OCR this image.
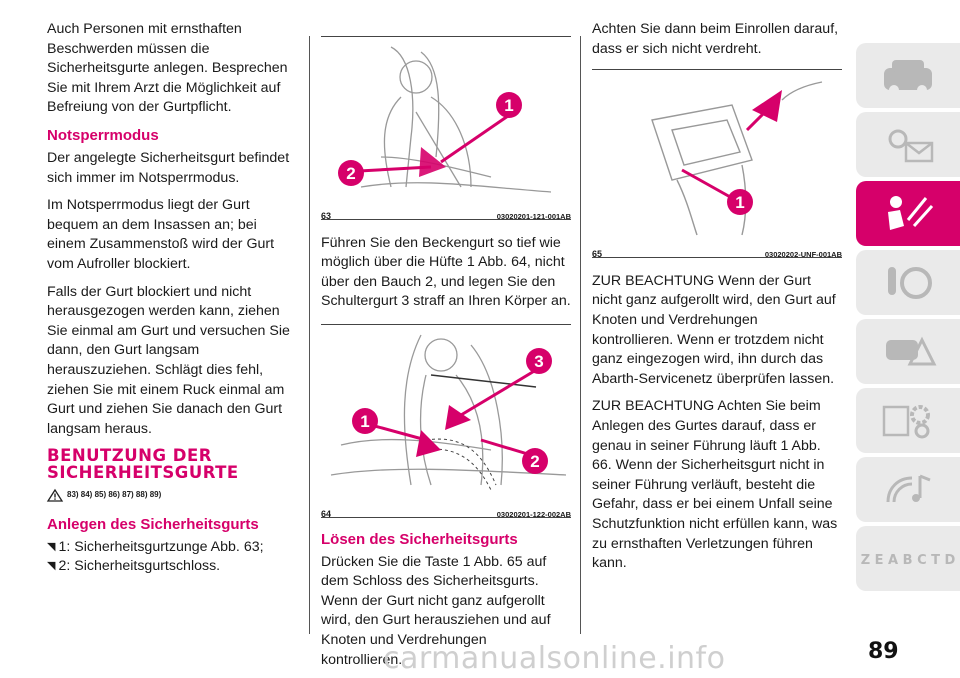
Auch Personen mit ernsthaften Beschwerden müssen die Sicherheitsgurte anlegen. Besprechen Sie mit Ihrem Arzt die Möglichkeit auf Befreiung von der Gurtpflicht.

Notsperrmodus

Der angelegte Sicherheitsgurt befindet sich immer im Notsperrmodus.

Im Notsperrmodus liegt der Gurt bequem an dem Insassen an; bei einem Zusammenstoß wird der Gurt vom Aufroller blockiert.

Falls der Gurt blockiert und nicht herausgezogen werden kann, ziehen Sie einmal am Gurt und versuchen Sie dann, den Gurt langsam herauszuziehen. Schlägt dies fehl, ziehen Sie mit einem Ruck einmal am Gurt und ziehen Sie danach den Gurt langsam heraus.

BENUTZUNG DER SICHERHEITSGURTE
83) 84) 85) 86) 87) 88) 89)
Anlegen des Sicherheitsgurts
◥ 1: Sicherheitsgurtzunge Abb. 63;
◥ 2: Sicherheitsgurtschloss.
1
2
63	03020201-121-001AB

Führen Sie den Beckengurt so tief wie möglich über die Hüfte 1 Abb. 64, nicht über den Bauch 2, und legen Sie den Schultergurt 3 straff an Ihren Körper an.

3
1
2
64	03020201-122-002AB
Lösen des Sicherheitsgurts

Drücken Sie die Taste 1 Abb. 65 auf dem Schloss des Sicherheitsgurts. Wenn der Gurt nicht ganz aufgerollt wird, den Gurt herausziehen und auf Knoten und Verdrehungen kontrollieren.

Achten Sie dann beim Einrollen darauf, dass er sich nicht verdreht.

1
65	03020202-UNF-001AB

ZUR BEACHTUNG Wenn der Gurt nicht ganz aufgerollt wird, den Gurt auf Knoten und Verdrehungen kontrollieren. Wenn er trotzdem nicht ganz eingezogen wird, ihn durch das Abarth-Servicenetz überprüfen lassen.

ZUR BEACHTUNG Achten Sie beim Anlegen des Gurtes darauf, dass er genau in seiner Führung läuft 1 Abb. 66. Wenn der Sicherheitsgurt nicht in seiner Führung verläuft, besteht die Gefahr, dass er bei einem Unfall seine Schutzfunktion nicht erfüllen kann, was zu ernsthaften Verletzungen führen kann.	Z E A B C T D
carmanualsonline.info	89
